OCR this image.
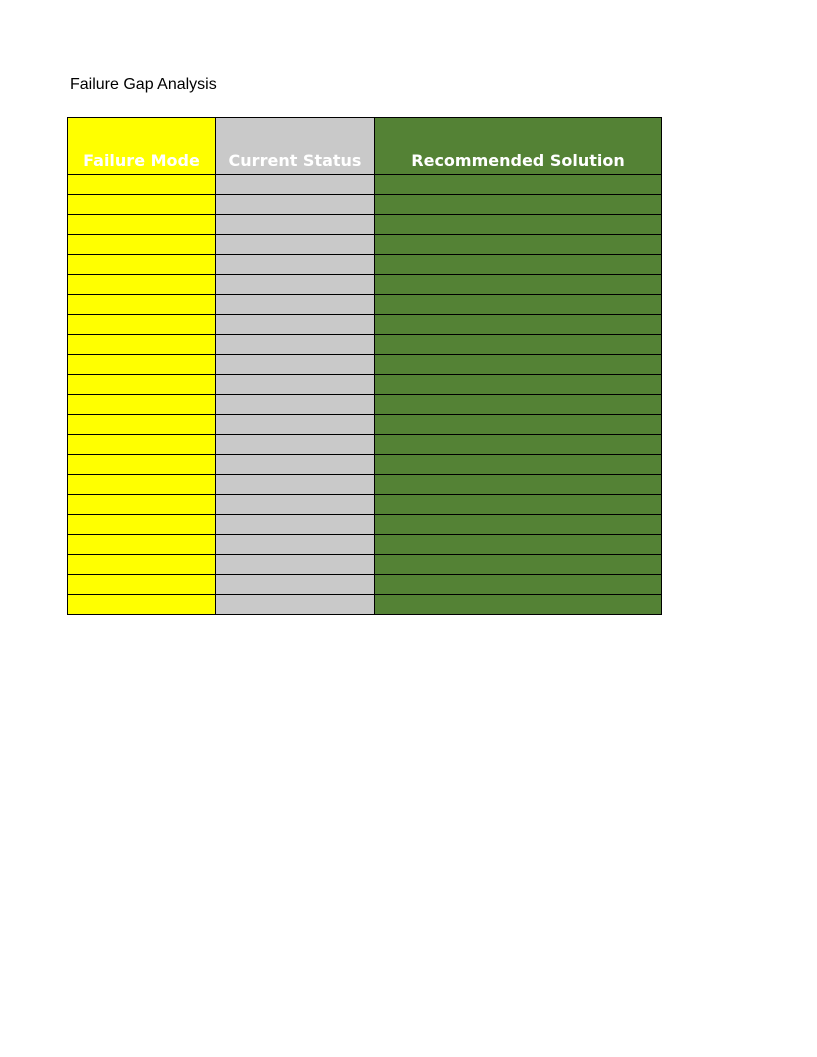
Failure Gap Analysis
Failure Mode	Current Status	Recommended Solution
